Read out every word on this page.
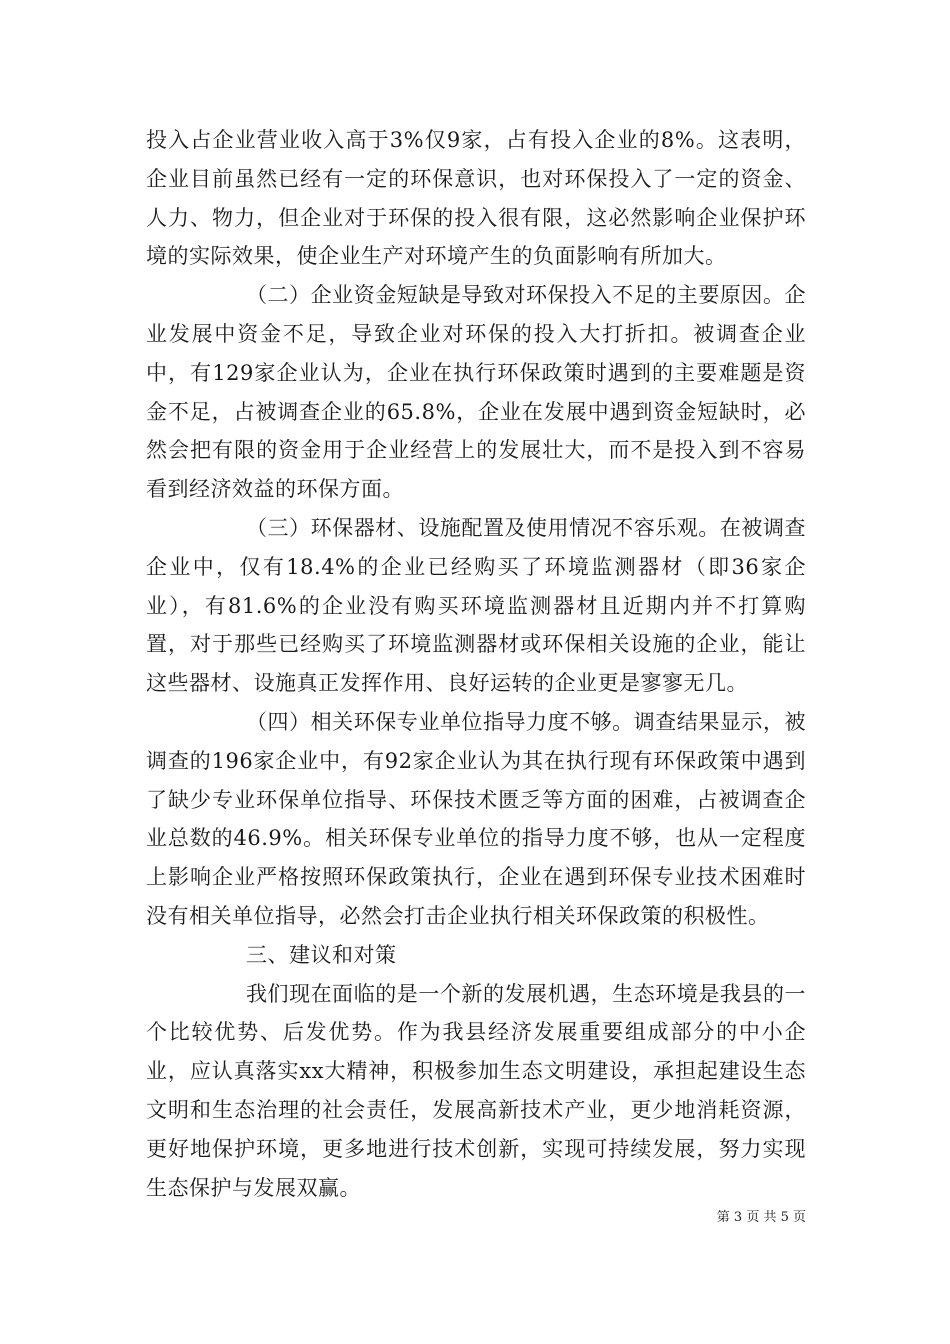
投入占企业营业收入高于3%仅9家，占有投入企业的8%。这表明，企业目前虽然已经有一定的环保意识，也对环保投入了一定的资金、人力、物力，但企业对于环保的投入很有限，这必然影响企业保护环境的实际效果，使企业生产对环境产生的负面影响有所加大。

（二）企业资金短缺是导致对环保投入不足的主要原因。企业发展中资金不足，导致企业对环保的投入大打折扣。被调查企业中，有129家企业认为，企业在执行环保政策时遇到的主要难题是资金不足，占被调查企业的65.8%，企业在发展中遇到资金短缺时，必然会把有限的资金用于企业经营上的发展壮大，而不是投入到不容易看到经济效益的环保方面。

（三）环保器材、设施配置及使用情况不容乐观。在被调查企业中，仅有18.4%的企业已经购买了环境监测器材（即36家企业），有81.6%的企业没有购买环境监测器材且近期内并不打算购置，对于那些已经购买了环境监测器材或环保相关设施的企业，能让这些器材、设施真正发挥作用、良好运转的企业更是寥寥无几。

（四）相关环保专业单位指导力度不够。调查结果显示，被调查的196家企业中，有92家企业认为其在执行现有环保政策中遇到了缺少专业环保单位指导、环保技术匮乏等方面的困难，占被调查企业总数的46.9%。相关环保专业单位的指导力度不够，也从一定程度上影响企业严格按照环保政策执行，企业在遇到环保专业技术困难时没有相关单位指导，必然会打击企业执行相关环保政策的积极性。

三、建议和对策

我们现在面临的是一个新的发展机遇，生态环境是我县的一个比较优势、后发优势。作为我县经济发展重要组成部分的中小企业，应认真落实xx大精神，积极参加生态文明建设，承担起建设生态文明和生态治理的社会责任，发展高新技术产业，更少地消耗资源，更好地保护环境，更多地进行技术创新，实现可持续发展，努力实现生态保护与发展双赢。

第 3 页 共 5 页
